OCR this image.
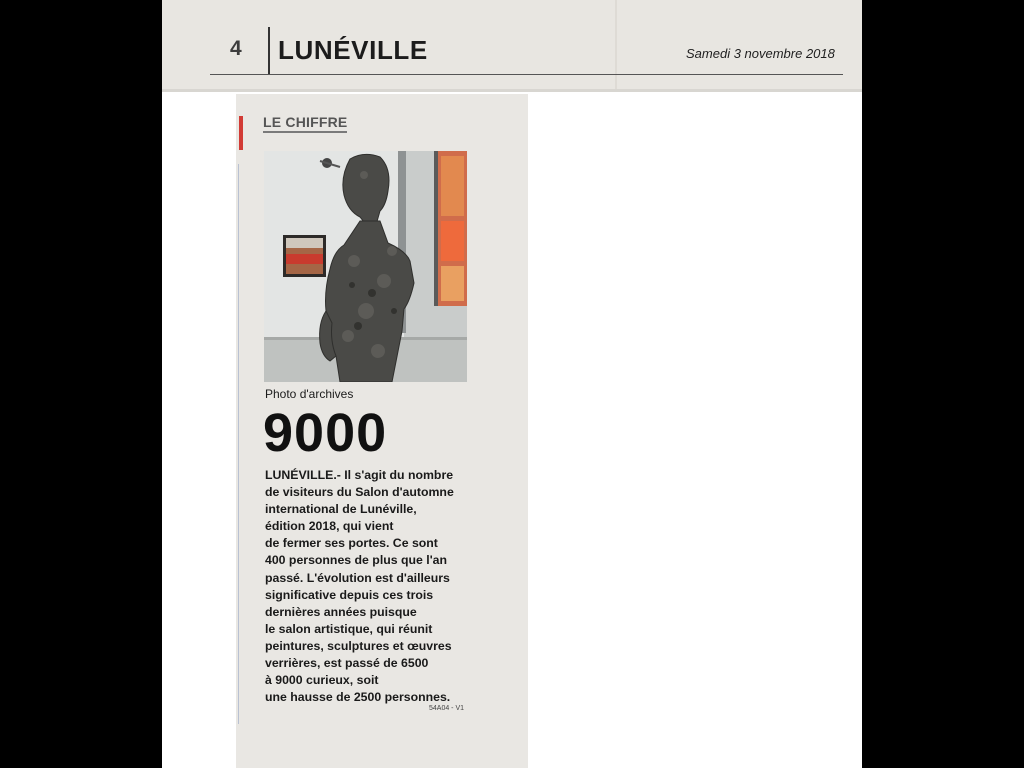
4 LUNÉVILLE	Samedi 3 novembre 2018
LE CHIFFRE
Photo d'archives
9000
LUNÉVILLE.- Il s'agit du nombre
de visiteurs du Salon d'automne
international de Lunéville,
édition 2018, qui vient
de fermer ses portes. Ce sont
400 personnes de plus que l'an
passé. L'évolution est d'ailleurs
significative depuis ces trois
dernières années puisque
le salon artistique, qui réunit
peintures, sculptures et œuvres
verrières, est passé de 6500
à 9000 curieux, soit
une hausse de 2500 personnes.
54A04 - V1
